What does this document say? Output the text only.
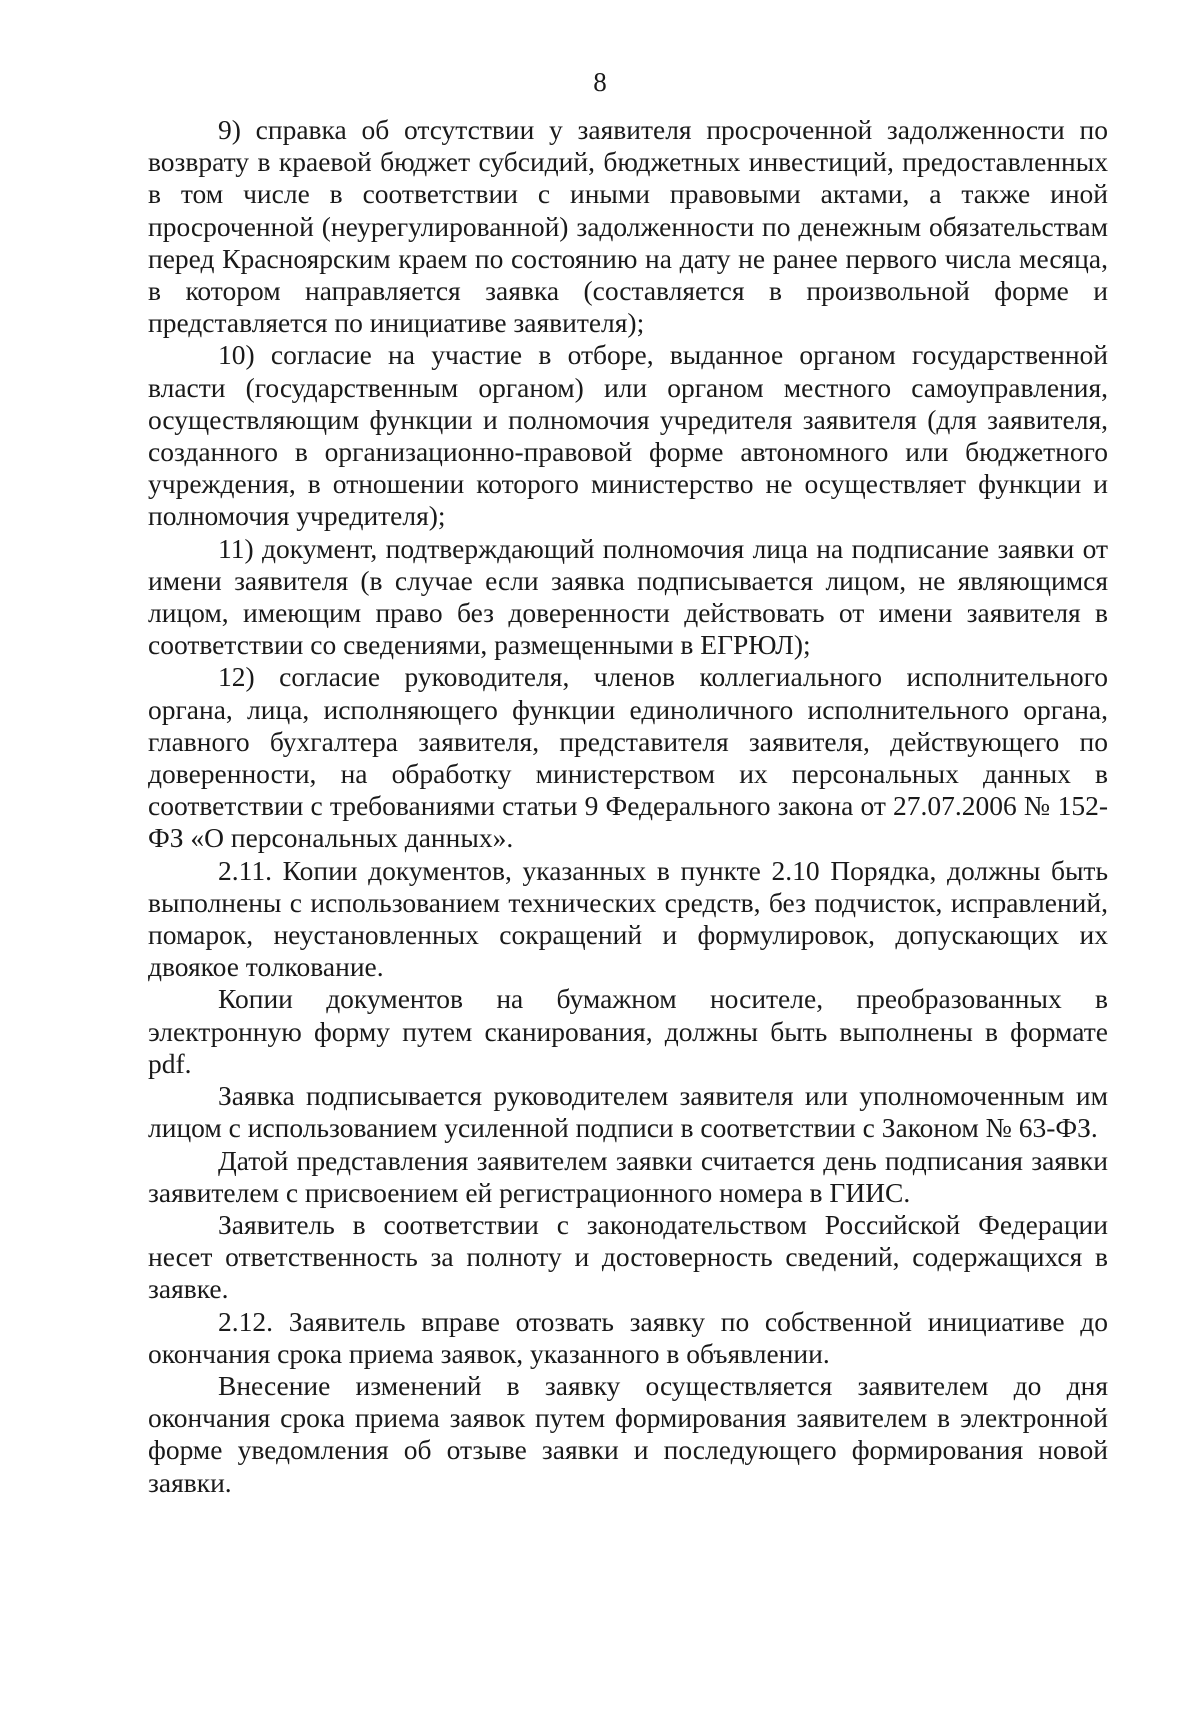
8

9) справка об отсутствии у заявителя просроченной задолженности по возврату в краевой бюджет субсидий, бюджетных инвестиций, предоставленных в том числе в соответствии с иными правовыми актами, а также иной просроченной (неурегулированной) задолженности по денежным обязательствам перед Красноярским краем по состоянию на дату не ранее первого числа месяца, в котором направляется заявка (составляется в произвольной форме и представляется по инициативе заявителя);

10) согласие на участие в отборе, выданное органом государственной власти (государственным органом) или органом местного самоуправления, осуществляющим функции и полномочия учредителя заявителя (для заявителя, созданного в организационно-правовой форме автономного или бюджетного учреждения, в отношении которого министерство не осуществляет функции и полномочия учредителя);

11) документ, подтверждающий полномочия лица на подписание заявки от имени заявителя (в случае если заявка подписывается лицом, не являющимся лицом, имеющим право без доверенности действовать от имени заявителя в соответствии со сведениями, размещенными в ЕГРЮЛ);

12) согласие руководителя, членов коллегиального исполнительного органа, лица, исполняющего функции единоличного исполнительного органа, главного бухгалтера заявителя, представителя заявителя, действующего по доверенности, на обработку министерством их персональных данных в соответствии с требованиями статьи 9 Федерального закона от 27.07.2006 № 152-ФЗ «О персональных данных».

2.11. Копии документов, указанных в пункте 2.10 Порядка, должны быть выполнены с использованием технических средств, без подчисток, исправлений, помарок, неустановленных сокращений и формулировок, допускающих их двоякое толкование.

Копии документов на бумажном носителе, преобразованных в электронную форму путем сканирования, должны быть выполнены в формате pdf.

Заявка подписывается руководителем заявителя или уполномоченным им лицом с использованием усиленной подписи в соответствии с Законом № 63-ФЗ.

Датой представления заявителем заявки считается день подписания заявки заявителем с присвоением ей регистрационного номера в ГИИС.

Заявитель в соответствии с законодательством Российской Федерации несет ответственность за полноту и достоверность сведений, содержащихся в заявке.

2.12. Заявитель вправе отозвать заявку по собственной инициативе до окончания срока приема заявок, указанного в объявлении.

Внесение изменений в заявку осуществляется заявителем до дня окончания срока приема заявок путем формирования заявителем в электронной форме уведомления об отзыве заявки и последующего формирования новой заявки.
